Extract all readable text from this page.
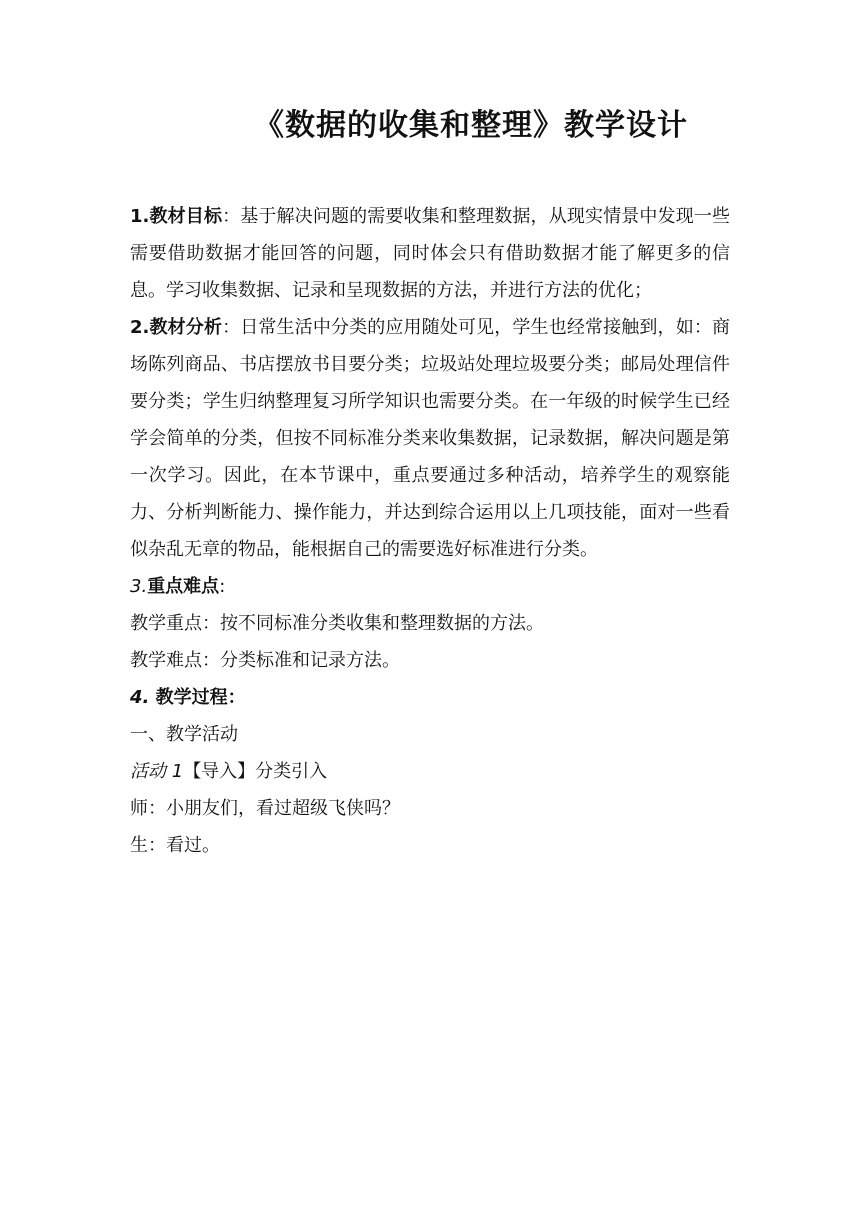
《数据的收集和整理》教学设计

1.教材目标：基于解决问题的需要收集和整理数据，从现实情景中发现一些需要借助数据才能回答的问题，同时体会只有借助数据才能了解更多的信息。学习收集数据、记录和呈现数据的方法，并进行方法的优化；

2.教材分析：日常生活中分类的应用随处可见，学生也经常接触到，如：商场陈列商品、书店摆放书目要分类；垃圾站处理垃圾要分类；邮局处理信件要分类；学生归纳整理复习所学知识也需要分类。在一年级的时候学生已经学会简单的分类，但按不同标准分类来收集数据，记录数据，解决问题是第一次学习。因此，在本节课中，重点要通过多种活动，培养学生的观察能力、分析判断能力、操作能力，并达到综合运用以上几项技能，面对一些看似杂乱无章的物品，能根据自己的需要选好标准进行分类。

3.重点难点:

教学重点：按不同标准分类收集和整理数据的方法。

教学难点：分类标准和记录方法。

4. 教学过程：

一、教学活动

活动 1【导入】分类引入

师：小朋友们，看过超级飞侠吗？

生：看过。
